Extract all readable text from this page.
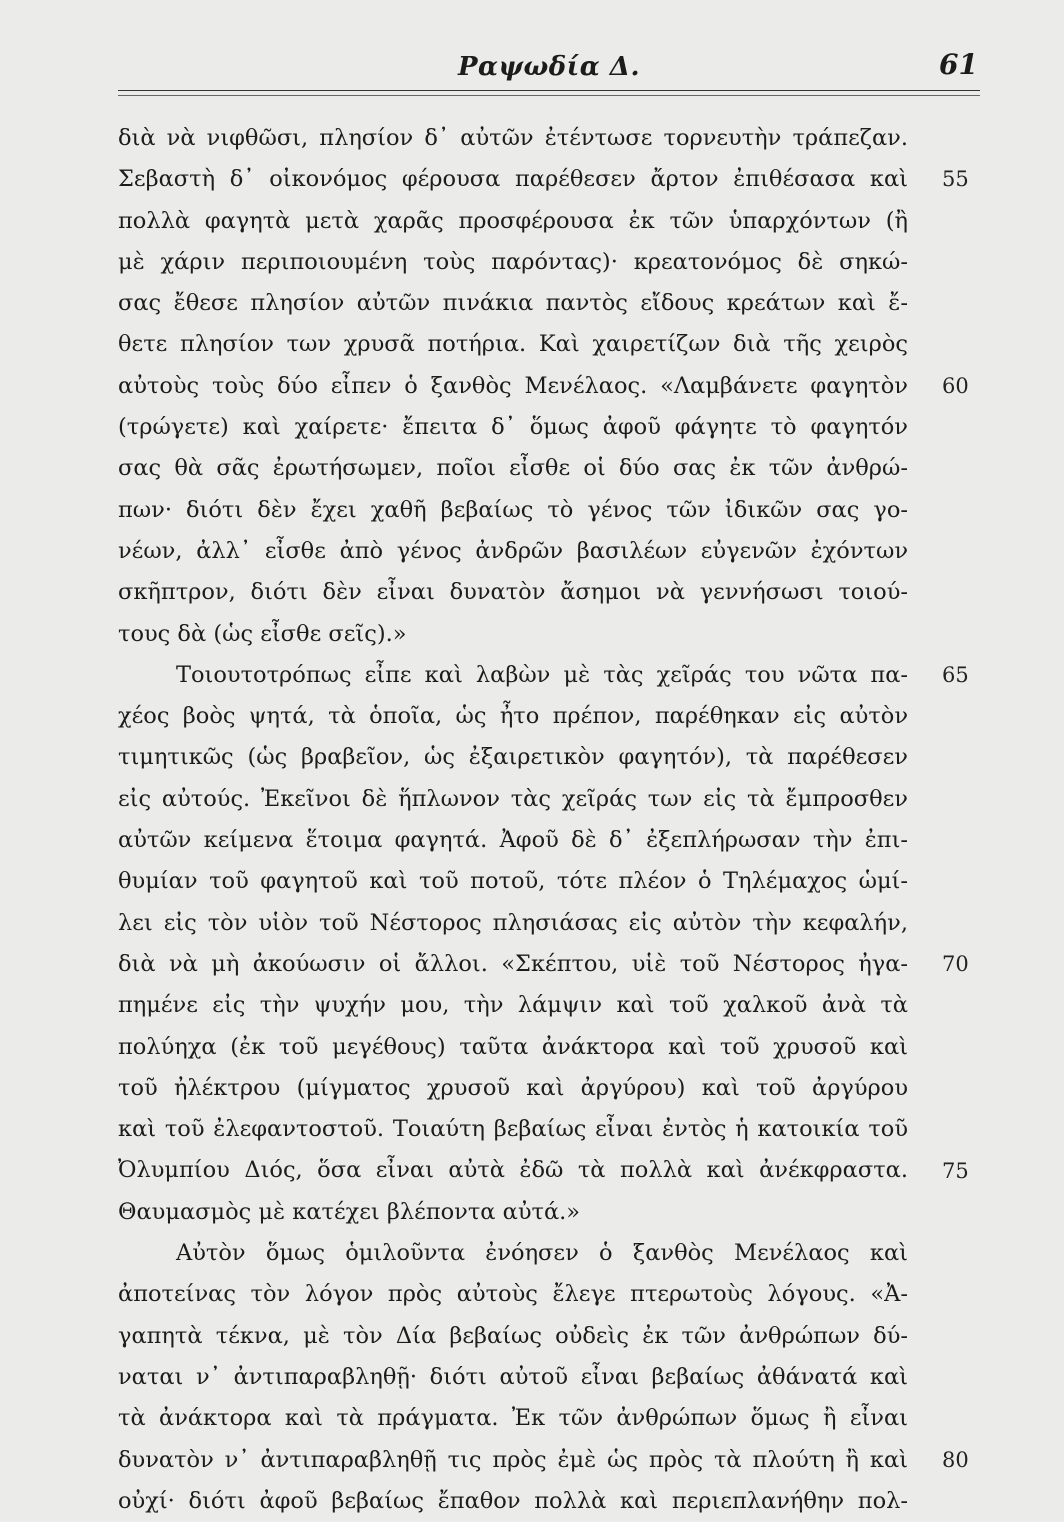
Ραψωδία Δ.	61
διὰ νὰ νιφθῶσι, πλησίον δ᾽ αὐτῶν ἐτέντωσε τορνευτὴν τράπεζαν.
Σεβαστὴ δ᾽ οἰκονόμος φέρουσα παρέθεσεν ἄρτον ἐπιθέσασα καὶ
πολλὰ φαγητὰ μετὰ χαρᾶς προσφέρουσα ἐκ τῶν ὑπαρχόντων (ἢ
μὲ χάριν περιποιουμένη τοὺς παρόντας)· κρεατονόμος δὲ σηκώ-
σας ἔθεσε πλησίον αὐτῶν πινάκια παντὸς εἴδους κρεάτων καὶ ἔ-
θετε πλησίον των χρυσᾶ ποτήρια. Καὶ χαιρετίζων διὰ τῆς χειρὸς
αὐτοὺς τοὺς δύο εἶπεν ὁ ξανθὸς Μενέλαος. «Λαμβάνετε φαγητὸν
(τρώγετε) καὶ χαίρετε· ἔπειτα δ᾽ ὅμως ἀφοῦ φάγητε τὸ φαγητόν
σας θὰ σᾶς ἐρωτήσωμεν, ποῖοι εἶσθε οἱ δύο σας ἐκ τῶν ἀνθρώ-
πων· διότι δὲν ἔχει χαθῆ βεβαίως τὸ γένος τῶν ἰδικῶν σας γο-
νέων, ἀλλ᾽ εἶσθε ἀπὸ γένος ἀνδρῶν βασιλέων εὐγενῶν ἐχόντων
σκῆπτρον, διότι δὲν εἶναι δυνατὸν ἄσημοι νὰ γεννήσωσι τοιού-
τους δὰ (ὡς εἶσθε σεῖς).»
Τοιουτοτρόπως εἶπε καὶ λαβὼν μὲ τὰς χεῖράς του νῶτα πα-
χέος βοὸς ψητά, τὰ ὁποῖα, ὡς ἦτο πρέπον, παρέθηκαν εἰς αὐτὸν
τιμητικῶς (ὡς βραβεῖον, ὡς ἐξαιρετικὸν φαγητόν), τὰ παρέθεσεν
εἰς αὐτούς. Ἐκεῖνοι δὲ ἥπλωνον τὰς χεῖράς των εἰς τὰ ἔμπροσθεν
αὐτῶν κείμενα ἕτοιμα φαγητά. Ἀφοῦ δὲ δ᾽ ἐξεπλήρωσαν τὴν ἐπι-
θυμίαν τοῦ φαγητοῦ καὶ τοῦ ποτοῦ, τότε πλέον ὁ Τηλέμαχος ὡμί-
λει εἰς τὸν υἱὸν τοῦ Νέστορος πλησιάσας εἰς αὐτὸν τὴν κεφαλήν,
διὰ νὰ μὴ ἀκούωσιν οἱ ἄλλοι. «Σκέπτου, υἱὲ τοῦ Νέστορος ἠγα-
πημένε εἰς τὴν ψυχήν μου, τὴν λάμψιν καὶ τοῦ χαλκοῦ ἀνὰ τὰ
πολύηχα (ἐκ τοῦ μεγέθους) ταῦτα ἀνάκτορα καὶ τοῦ χρυσοῦ καὶ
τοῦ ἠλέκτρου (μίγματος χρυσοῦ καὶ ἀργύρου) καὶ τοῦ ἀργύρου
καὶ τοῦ ἐλεφαντοστοῦ. Τοιαύτη βεβαίως εἶναι ἐντὸς ἡ κατοικία τοῦ
Ὀλυμπίου Διός, ὅσα εἶναι αὐτὰ ἐδῶ τὰ πολλὰ καὶ ἀνέκφραστα.
Θαυμασμὸς μὲ κατέχει βλέποντα αὐτά.»
Αὐτὸν ὅμως ὁμιλοῦντα ἐνόησεν ὁ ξανθὸς Μενέλαος καὶ
ἀποτείνας τὸν λόγον πρὸς αὐτοὺς ἔλεγε πτερωτοὺς λόγους. «Ἀ-
γαπητὰ τέκνα, μὲ τὸν Δία βεβαίως οὐδεὶς ἐκ τῶν ἀνθρώπων δύ-
ναται ν᾽ ἀντιπαραβληθῇ· διότι αὐτοῦ εἶναι βεβαίως ἀθάνατά καὶ
τὰ ἀνάκτορα καὶ τὰ πράγματα. Ἐκ τῶν ἀνθρώπων ὅμως ἢ εἶναι
δυνατὸν ν᾽ ἀντιπαραβληθῇ τις πρὸς ἐμὲ ὡς πρὸς τὰ πλούτη ἢ καὶ
οὐχί· διότι ἀφοῦ βεβαίως ἔπαθον πολλὰ καὶ περιεπλανήθην πολ-
55
60
65
70
75
80
